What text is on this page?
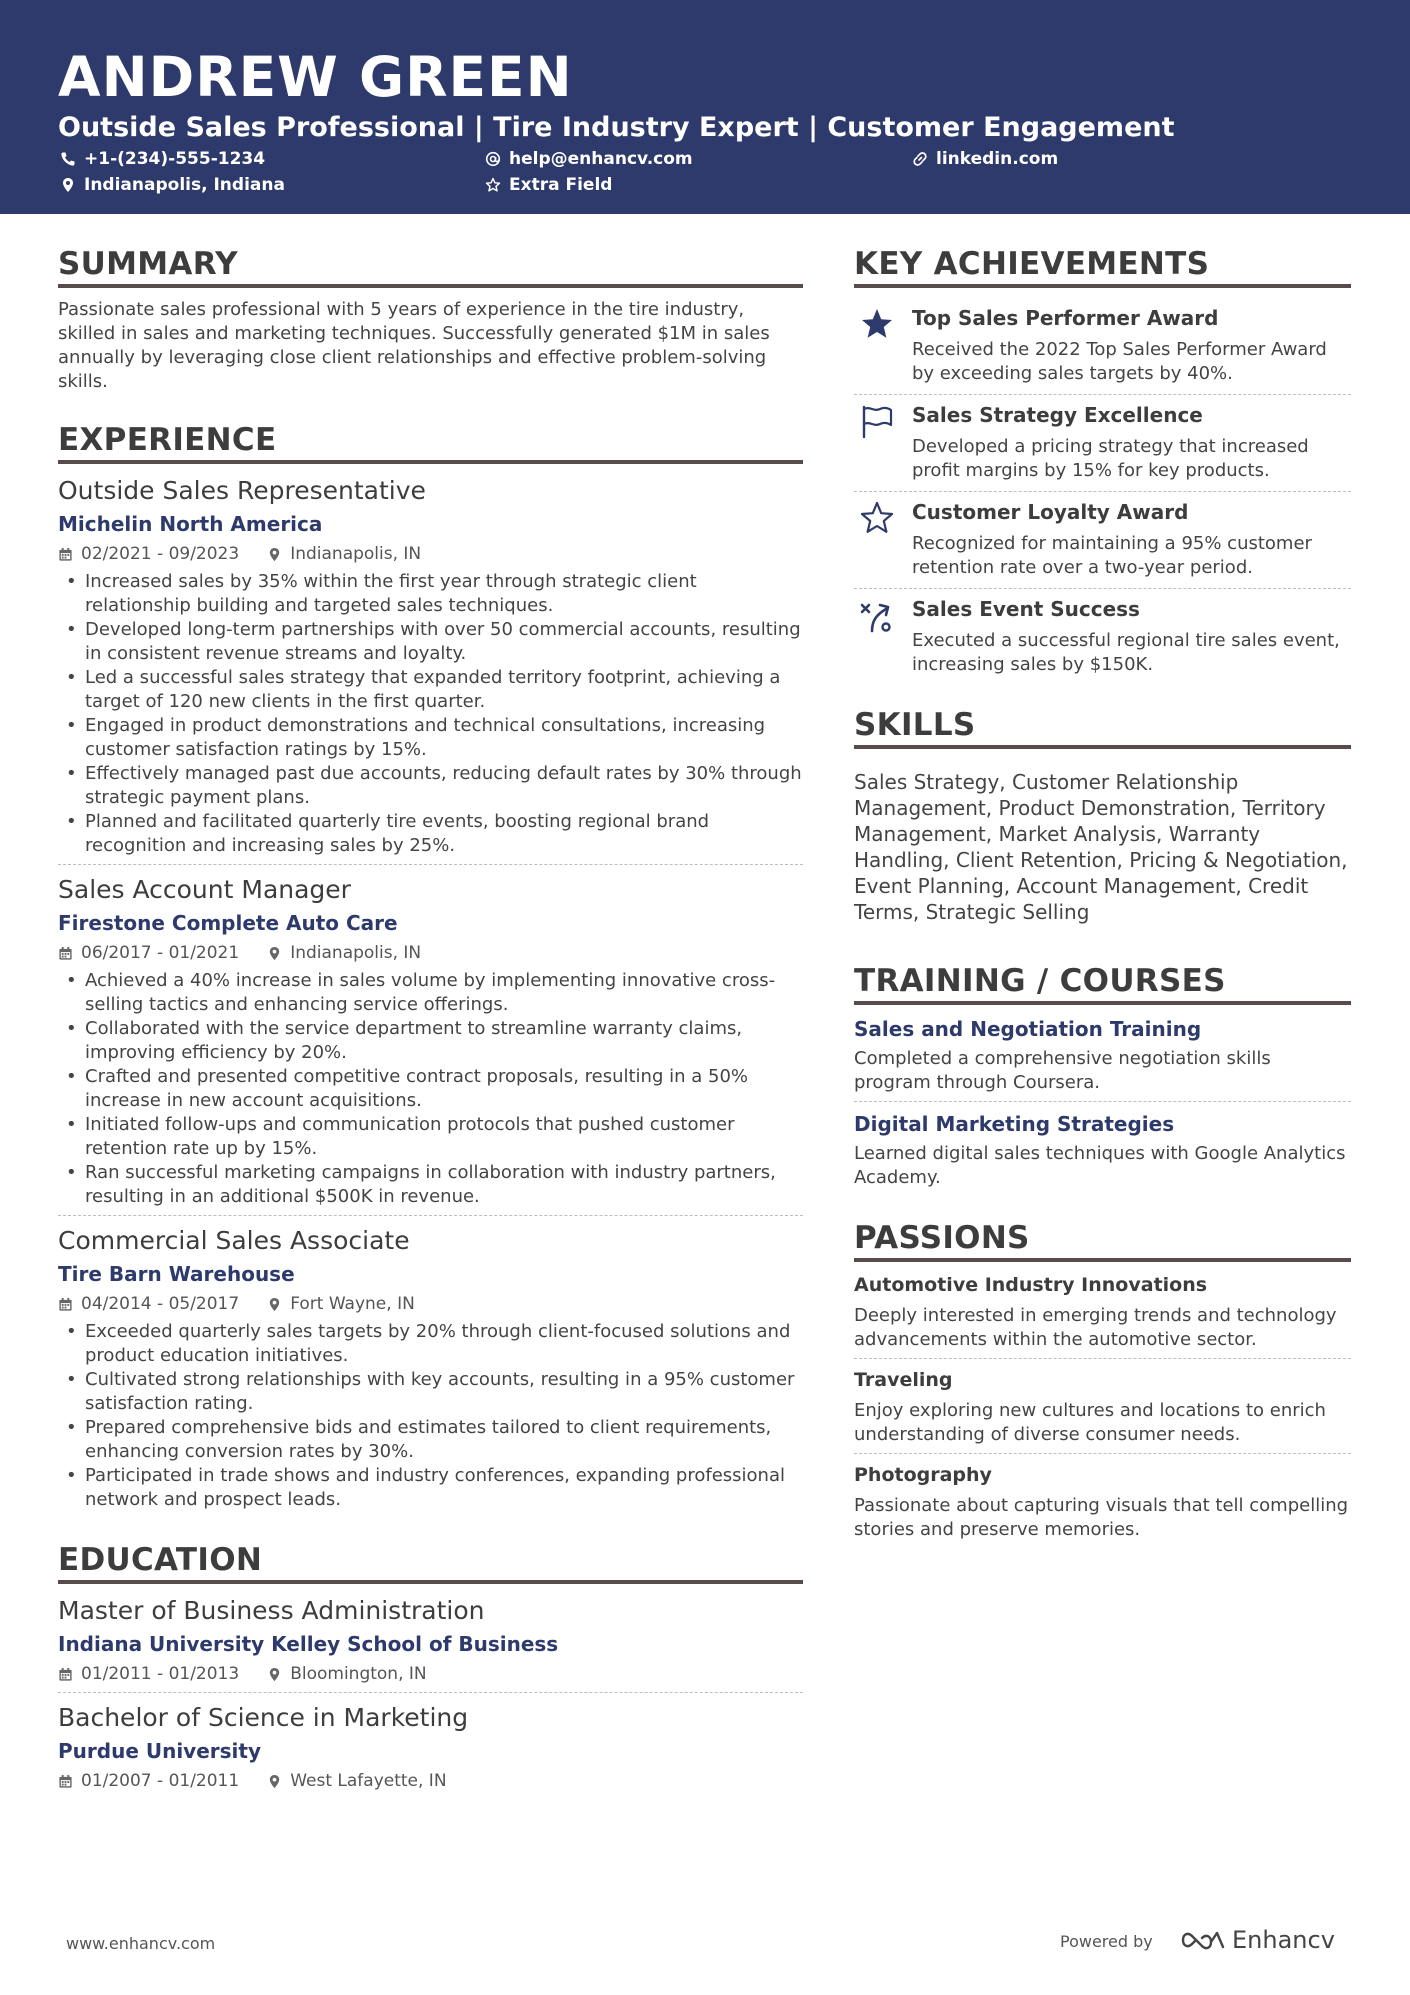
ANDREW GREEN
Outside Sales Professional | Tire Industry Expert | Customer Engagement
+1-(234)-555-1234	help@enhancv.com	linkedin.com
Indianapolis, Indiana	Extra Field
SUMMARY
Passionate sales professional with 5 years of experience in the tire industry, skilled in sales and marketing techniques. Successfully generated $1M in sales annually by leveraging close client relationships and effective problem-solving skills.
EXPERIENCE
Outside Sales Representative
Michelin North America
02/2021 - 09/2023	Indianapolis, IN
• Increased sales by 35% within the first year through strategic client relationship building and targeted sales techniques.
• Developed long-term partnerships with over 50 commercial accounts, resulting in consistent revenue streams and loyalty.
• Led a successful sales strategy that expanded territory footprint, achieving a target of 120 new clients in the first quarter.
• Engaged in product demonstrations and technical consultations, increasing customer satisfaction ratings by 15%.
• Effectively managed past due accounts, reducing default rates by 30% through strategic payment plans.
• Planned and facilitated quarterly tire events, boosting regional brand recognition and increasing sales by 25%.
Sales Account Manager
Firestone Complete Auto Care
06/2017 - 01/2021	Indianapolis, IN
• Achieved a 40% increase in sales volume by implementing innovative cross-selling tactics and enhancing service offerings.
• Collaborated with the service department to streamline warranty claims, improving efficiency by 20%.
• Crafted and presented competitive contract proposals, resulting in a 50% increase in new account acquisitions.
• Initiated follow-ups and communication protocols that pushed customer retention rate up by 15%.
• Ran successful marketing campaigns in collaboration with industry partners, resulting in an additional $500K in revenue.
Commercial Sales Associate
Tire Barn Warehouse
04/2014 - 05/2017	Fort Wayne, IN
• Exceeded quarterly sales targets by 20% through client-focused solutions and product education initiatives.
• Cultivated strong relationships with key accounts, resulting in a 95% customer satisfaction rating.
• Prepared comprehensive bids and estimates tailored to client requirements, enhancing conversion rates by 30%.
• Participated in trade shows and industry conferences, expanding professional network and prospect leads.
EDUCATION
Master of Business Administration
Indiana University Kelley School of Business
01/2011 - 01/2013	Bloomington, IN
Bachelor of Science in Marketing
Purdue University
01/2007 - 01/2011	West Lafayette, IN
KEY ACHIEVEMENTS
Top Sales Performer Award
Received the 2022 Top Sales Performer Award by exceeding sales targets by 40%.
Sales Strategy Excellence
Developed a pricing strategy that increased profit margins by 15% for key products.
Customer Loyalty Award
Recognized for maintaining a 95% customer retention rate over a two-year period.
Sales Event Success
Executed a successful regional tire sales event, increasing sales by $150K.
SKILLS
Sales Strategy, Customer Relationship Management, Product Demonstration, Territory Management, Market Analysis, Warranty Handling, Client Retention, Pricing & Negotiation, Event Planning, Account Management, Credit Terms, Strategic Selling
TRAINING / COURSES
Sales and Negotiation Training
Completed a comprehensive negotiation skills program through Coursera.
Digital Marketing Strategies
Learned digital sales techniques with Google Analytics Academy.
PASSIONS
Automotive Industry Innovations
Deeply interested in emerging trends and technology advancements within the automotive sector.
Traveling
Enjoy exploring new cultures and locations to enrich understanding of diverse consumer needs.
Photography
Passionate about capturing visuals that tell compelling stories and preserve memories.
www.enhancv.com	Powered by	Enhancv
